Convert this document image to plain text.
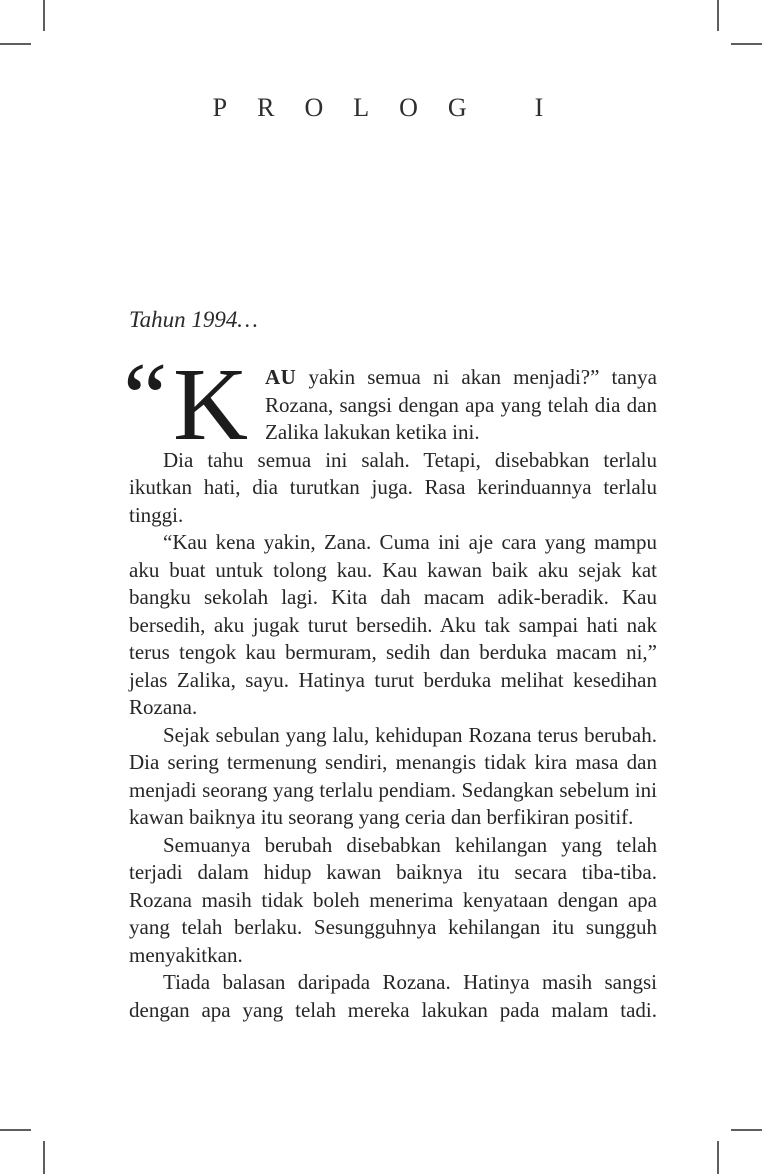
PROLOG I

Tahun 1994…

“ K AU yakin semua ni akan menjadi?” tanya Rozana, sangsi dengan apa yang telah dia dan Zalika lakukan ketika ini.

Dia tahu semua ini salah. Tetapi, disebabkan terlalu ikutkan hati, dia turutkan juga. Rasa kerinduannya terlalu tinggi.

“Kau kena yakin, Zana. Cuma ini aje cara yang mampu aku buat untuk tolong kau. Kau kawan baik aku sejak kat bangku sekolah lagi. Kita dah macam adik-beradik. Kau bersedih, aku jugak turut bersedih. Aku tak sampai hati nak terus tengok kau bermuram, sedih dan berduka macam ni,” jelas Zalika, sayu. Hatinya turut berduka melihat kesedihan Rozana.

Sejak sebulan yang lalu, kehidupan Rozana terus berubah. Dia sering termenung sendiri, menangis tidak kira masa dan menjadi seorang yang terlalu pendiam. Sedangkan sebelum ini kawan baiknya itu seorang yang ceria dan berfikiran positif.

Semuanya berubah disebabkan kehilangan yang telah terjadi dalam hidup kawan baiknya itu secara tiba-tiba. Rozana masih tidak boleh menerima kenyataan dengan apa yang telah berlaku. Sesungguhnya kehilangan itu sungguh menyakitkan.

Tiada balasan daripada Rozana. Hatinya masih sangsi dengan apa yang telah mereka lakukan pada malam tadi.
